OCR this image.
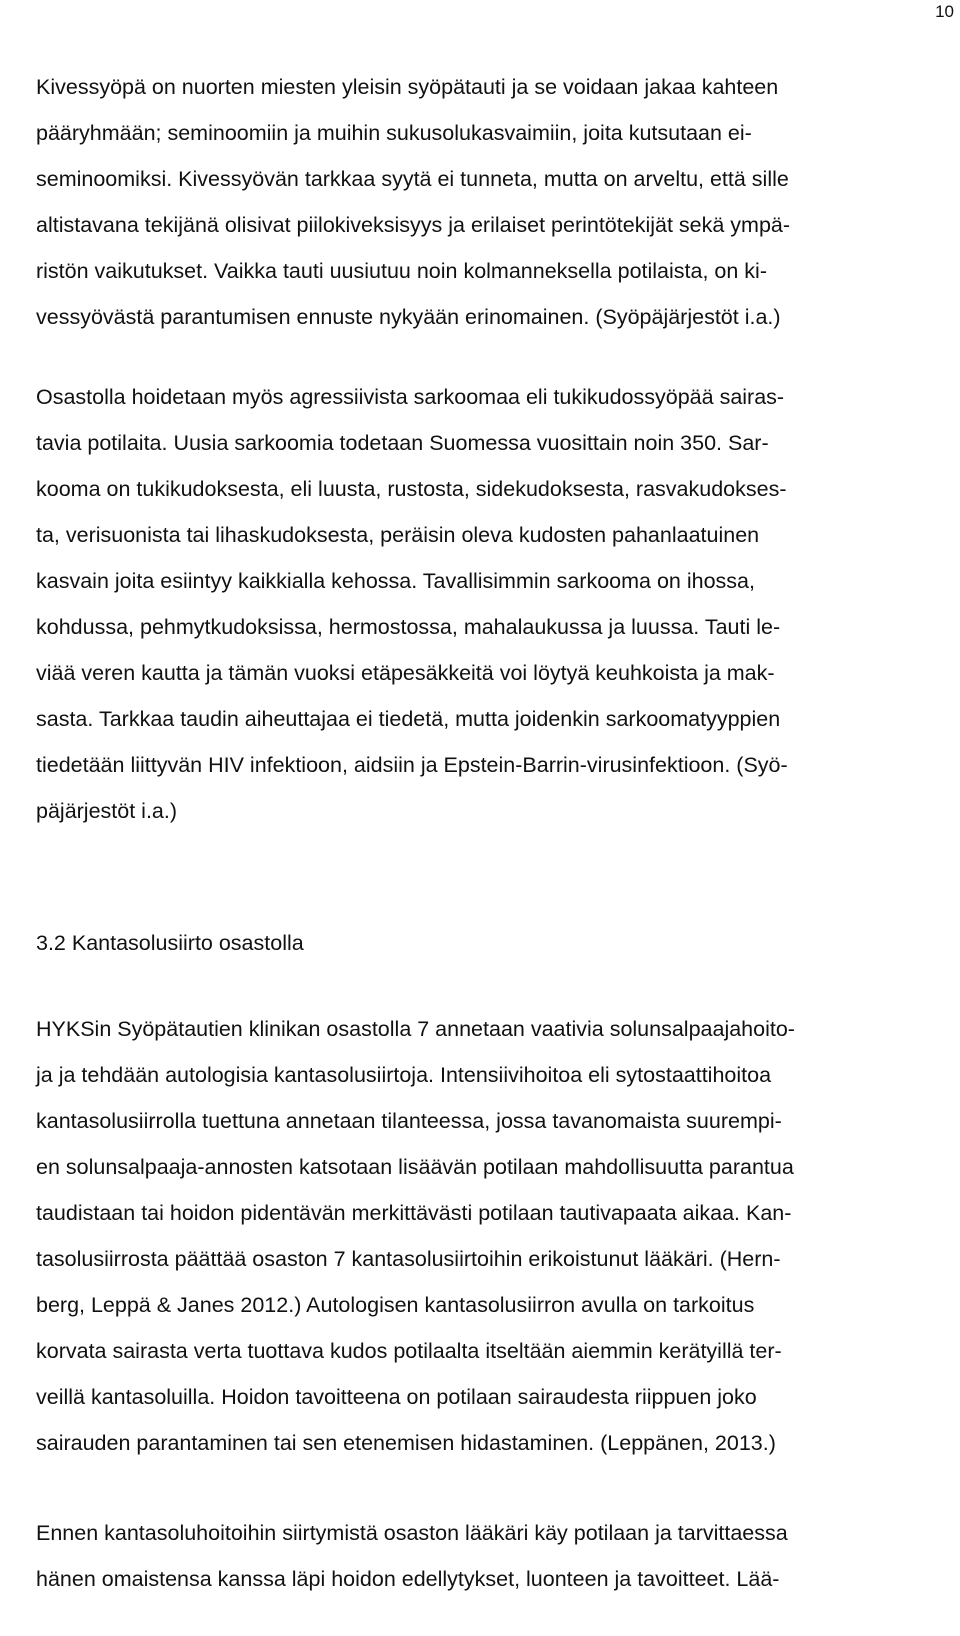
10

Kivessyöpä on nuorten miesten yleisin syöpätauti ja se voidaan jakaa kahteen
pääryhmään; seminoomiin ja muihin sukusolukasvaimiin, joita kutsutaan ei-
seminoomiksi. Kivessyövän tarkkaa syytä ei tunneta, mutta on arveltu, että sille
altistavana tekijänä olisivat piilokiveksisyys ja erilaiset perintötekijät sekä ympä-
ristön vaikutukset. Vaikka tauti uusiutuu noin kolmanneksella potilaista, on ki-
vessyövästä parantumisen ennuste nykyään erinomainen. (Syöpäjärjestöt i.a.)

Osastolla hoidetaan myös agressiivista sarkoomaa eli tukikudossyöpää sairas-
tavia potilaita. Uusia sarkoomia todetaan Suomessa vuosittain noin 350. Sar-
kooma on tukikudoksesta, eli luusta, rustosta, sidekudoksesta, rasvakudokses-
ta, verisuonista tai lihaskudoksesta, peräisin oleva kudosten pahanlaatuinen
kasvain joita esiintyy kaikkialla kehossa. Tavallisimmin sarkooma on ihossa,
kohdussa, pehmytkudoksissa, hermostossa, mahalaukussa ja luussa. Tauti le-
viää veren kautta ja tämän vuoksi etäpesäkkeitä voi löytyä keuhkoista ja mak-
sasta. Tarkkaa taudin aiheuttajaa ei tiedetä, mutta joidenkin sarkoomatyyppien
tiedetään liittyvän HIV infektioon, aidsiin ja Epstein-Barrin-virusinfektioon. (Syö-
päjärjestöt i.a.)

3.2 Kantasolusiirto osastolla

HYKSin Syöpätautien klinikan osastolla 7 annetaan vaativia solunsalpaajahoito-
ja ja tehdään autologisia kantasolusiirtoja. Intensiivihoitoa eli sytostaattihoitoa
kantasolusiirrolla tuettuna annetaan tilanteessa, jossa tavanomaista suurempi-
en solunsalpaaja-annosten katsotaan lisäävän potilaan mahdollisuutta parantua
taudistaan tai hoidon pidentävän merkittävästi potilaan tautivapaata aikaa. Kan-
tasolusiirrosta päättää osaston 7 kantasolusiirtoihin erikoistunut lääkäri. (Hern-
berg, Leppä & Janes 2012.) Autologisen kantasolusiirron avulla on tarkoitus
korvata sairasta verta tuottava kudos potilaalta itseltään aiemmin kerätyillä ter-
veillä kantasoluilla. Hoidon tavoitteena on potilaan sairaudesta riippuen joko
sairauden parantaminen tai sen etenemisen hidastaminen. (Leppänen, 2013.)

Ennen kantasoluhoitoihin siirtymistä osaston lääkäri käy potilaan ja tarvittaessa
hänen omaistensa kanssa läpi hoidon edellytykset, luonteen ja tavoitteet. Lää-
